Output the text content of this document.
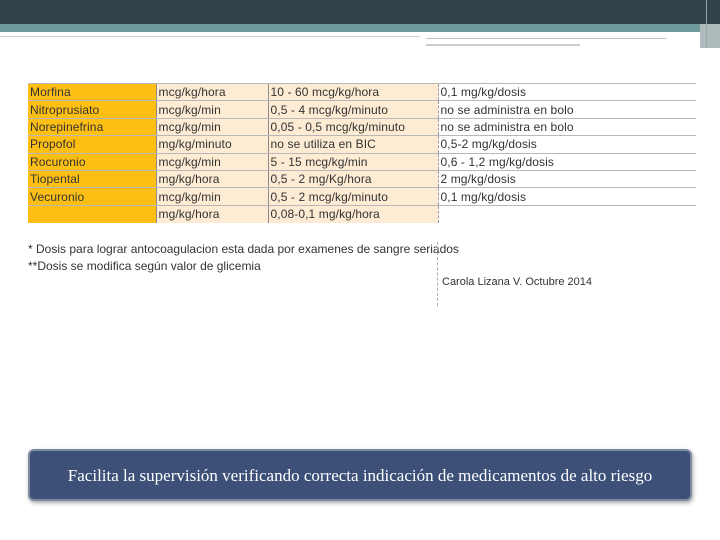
Morfina	mcg/kg/hora	10 - 60 mcg/kg/hora	0,1 mg/kg/dosis
Nitroprusiato	mcg/kg/min	0,5 - 4 mcg/kg/minuto	no se administra en bolo
Norepinefrina	mcg/kg/min	0,05 - 0,5 mcg/kg/minuto	no se administra en bolo
Propofol	mg/kg/minuto	no se utiliza en BIC	0,5-2 mg/kg/dosis
Rocuronio	mcg/kg/min	5 - 15 mcg/kg/min	0,6 - 1,2 mg/kg/dosis
Tiopental	mg/kg/hora	0,5 - 2 mg/Kg/hora	2 mg/kg/dosis
Vecuronio	mcg/kg/min	0,5 - 2 mcg/kg/minuto	0,1 mg/kg/dosis
	mg/kg/hora	0,08-0,1 mg/kg/hora	
* Dosis para lograr antocoagulacion esta dada por examenes de sangre seriados
**Dosis se modifica según valor de glicemia
Carola Lizana V. Octubre 2014
Facilita la supervisión verificando correcta indicación de medicamentos de alto riesgo
